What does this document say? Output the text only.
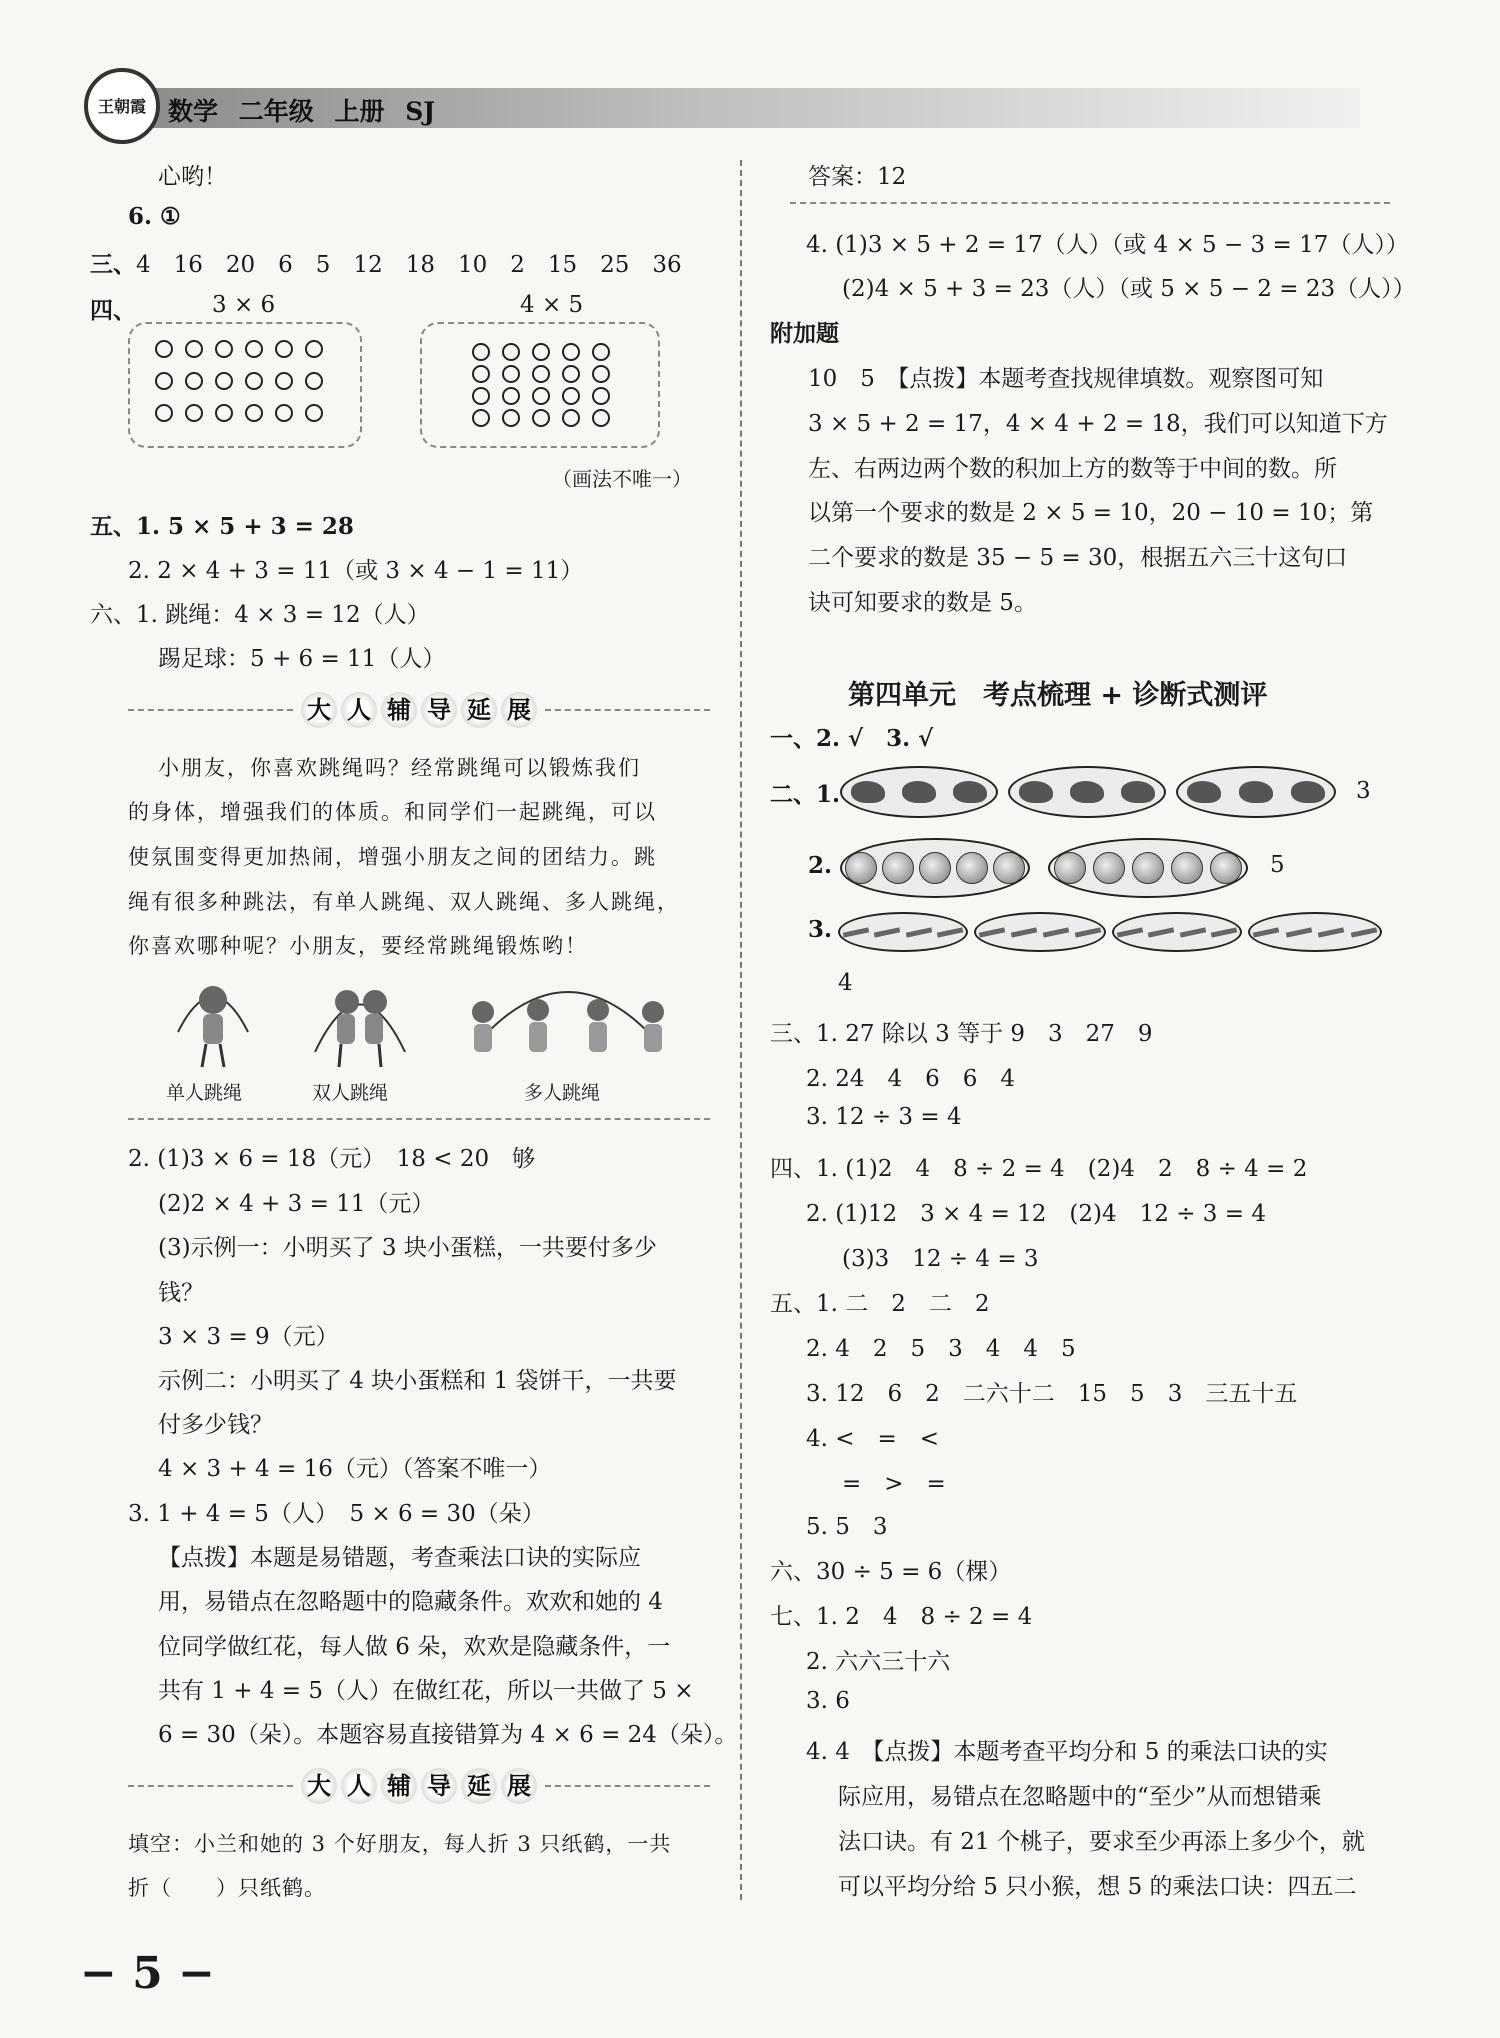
王朝霞 数学 二年级 上册 SJ
心哟！
6. ①
三、4　16　20　6　5　12　18　10　2　15　25　36
四、	3 × 6	4 × 5
（画法不唯一）
五、1. 5 × 5 + 3 = 28
2. 2 × 4 + 3 = 11（或 3 × 4 − 1 = 11）
六、1. 跳绳：4 × 3 = 12（人）
踢足球：5 + 6 = 11（人）
大 人 辅 导 延 展
小朋友，你喜欢跳绳吗？经常跳绳可以锻炼我们
的身体，增强我们的体质。和同学们一起跳绳，可以
使氛围变得更加热闹，增强小朋友之间的团结力。跳
绳有很多种跳法，有单人跳绳、双人跳绳、多人跳绳，
你喜欢哪种呢？小朋友，要经常跳绳锻炼哟！
单人跳绳	双人跳绳	多人跳绳
2. (1)3 × 6 = 18（元）　18 < 20　够
(2)2 × 4 + 3 = 11（元）
(3)示例一：小明买了 3 块小蛋糕，一共要付多少
钱？
3 × 3 = 9（元）
示例二：小明买了 4 块小蛋糕和 1 袋饼干，一共要
付多少钱？
4 × 3 + 4 = 16（元）（答案不唯一）
3. 1 + 4 = 5（人）　5 × 6 = 30（朵）
【点拨】本题是易错题，考查乘法口诀的实际应
用，易错点在忽略题中的隐藏条件。欢欢和她的 4
位同学做红花，每人做 6 朵，欢欢是隐藏条件，一
共有 1 + 4 = 5（人）在做红花，所以一共做了 5 ×
6 = 30（朵）。本题容易直接错算为 4 × 6 = 24（朵）。
大 人 辅 导 延 展
填空：小兰和她的 3 个好朋友，每人折 3 只纸鹤，一共
折（　　）只纸鹤。
答案：12
4. (1)3 × 5 + 2 = 17（人）（或 4 × 5 − 3 = 17（人））
(2)4 × 5 + 3 = 23（人）（或 5 × 5 − 2 = 23（人））
附加题
10　5　【点拨】本题考查找规律填数。观察图可知
3 × 5 + 2 = 17，4 × 4 + 2 = 18，我们可以知道下方
左、右两边两个数的积加上方的数等于中间的数。所
以第一个要求的数是 2 × 5 = 10，20 − 10 = 10；第
二个要求的数是 35 − 5 = 30，根据五六三十这句口
诀可知要求的数是 5。
第四单元　考点梳理 + 诊断式测评
一、2. √　3. √
二、1.	3
2.	5
3.
4
三、1. 27 除以 3 等于 9　3　27　9
2. 24　4　6　6　4
3. 12 ÷ 3 = 4
四、1. (1)2　4　8 ÷ 2 = 4　(2)4　2　8 ÷ 4 = 2
2. (1)12　3 × 4 = 12　(2)4　12 ÷ 3 = 4
(3)3　12 ÷ 4 = 3
五、1. 二　2　二　2
2. 4　2　5　3　4　4　5
3. 12　6　2　二六十二　15　5　3　三五十五
4. <　=　<
=　>　=
5. 5　3
六、30 ÷ 5 = 6（棵）
七、1. 2　4　8 ÷ 2 = 4
2. 六六三十六
3. 6
4. 4　【点拨】本题考查平均分和 5 的乘法口诀的实
际应用，易错点在忽略题中的“至少”从而想错乘
法口诀。有 21 个桃子，要求至少再添上多少个，就
可以平均分给 5 只小猴，想 5 的乘法口诀：四五二
− 5 −
